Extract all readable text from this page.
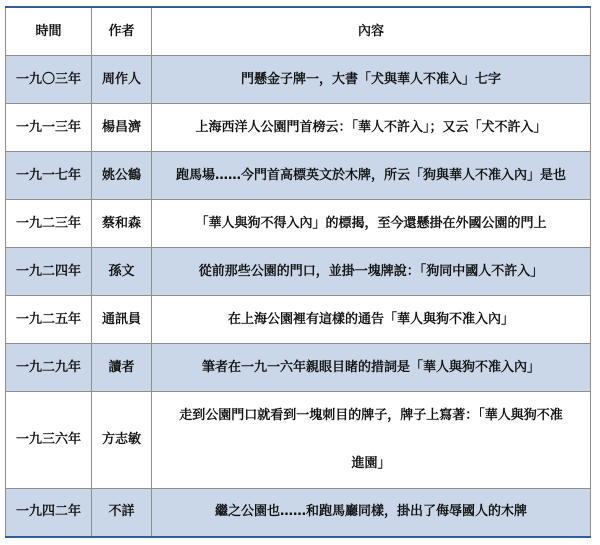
時間	作者	內容
一九〇三年	周作人	門懸金子牌一，大書「犬與華人不准入」七字
一九一三年	楊昌濟	上海西洋人公園門首榜云：「華人不許入」；又云「犬不許入」
一九一七年	姚公鶴	跑馬場……今門首高標英文於木牌，所云「狗與華人不准入內」是也
一九二三年	蔡和森	「華人與狗不得入內」的標揭，至今還懸掛在外國公園的門上
一九二四年	孫文	從前那些公園的門口，並掛一塊牌說：「狗同中國人不許入」
一九二五年	通訊員	在上海公園裡有這樣的通告「華人與狗不准入內」
一九二九年	讀者	筆者在一九一六年親眼目睹的措詞是「華人與狗不准入內」
一九三六年	方志敏	走到公園門口就看到一塊刺目的牌子，牌子上寫著：「華人與狗不准
進園」
一九四二年	不詳	繼之公園也……和跑馬廳同樣，掛出了侮辱國人的木牌
